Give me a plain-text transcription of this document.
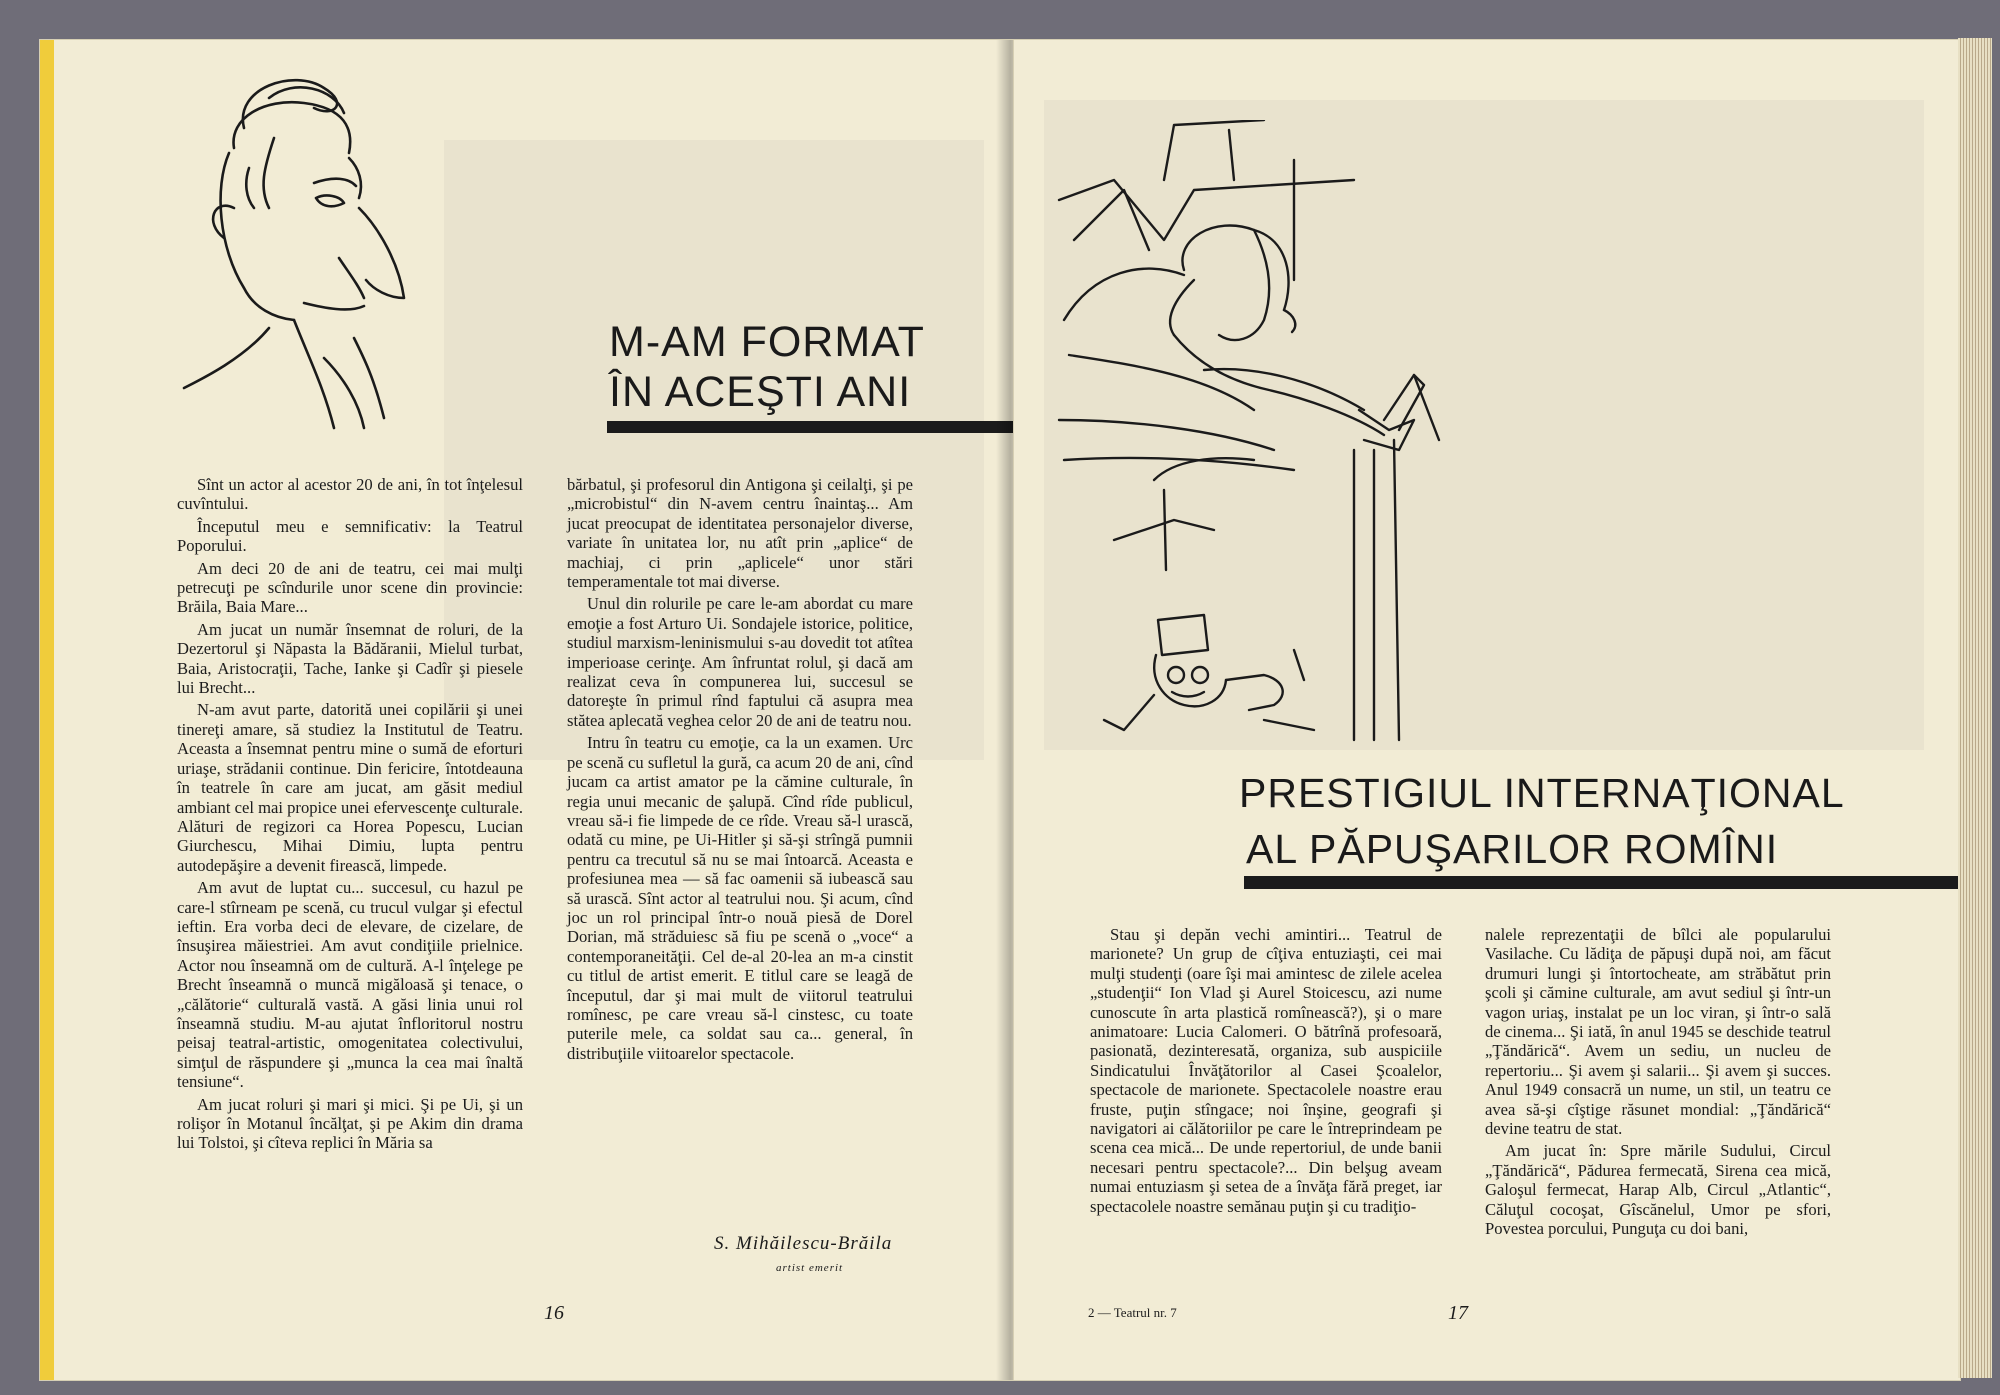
M-AM FORMAT
ÎN ACEŞTI ANI

Sînt un actor al acestor 20 de ani, în tot înţelesul cuvîntului.

Începutul meu e semnificativ: la Teatrul Poporului.

Am deci 20 de ani de teatru, cei mai mulţi petrecuţi pe scîndurile unor scene din provincie: Brăila, Baia Mare...

Am jucat un număr însemnat de roluri, de la Dezertorul şi Năpasta la Bădăranii, Mielul turbat, Baia, Aristocraţii, Tache, Ianke şi Cadîr şi piesele lui Brecht...

N-am avut parte, datorită unei copilării şi unei tinereţi amare, să studiez la Institutul de Teatru. Aceasta a însemnat pentru mine o sumă de eforturi uriaşe, strădanii continue. Din fericire, întotdeauna în teatrele în care am jucat, am găsit mediul ambiant cel mai propice unei efervescenţe culturale. Alături de regizori ca Horea Popescu, Lucian Giurchescu, Mihai Dimiu, lupta pentru autodepăşire a devenit firească, limpede.

Am avut de luptat cu... succesul, cu hazul pe care-l stîrneam pe scenă, cu trucul vulgar şi efectul ieftin. Era vorba deci de elevare, de cizelare, de însuşirea măiestriei. Am avut condiţiile prielnice. Actor nou înseamnă om de cultură. A-l înţelege pe Brecht înseamnă o muncă migăloasă şi tenace, o „călătorie“ culturală vastă. A găsi linia unui rol înseamnă studiu. M-au ajutat înfloritorul nostru peisaj teatral-artistic, omogenitatea colectivului, simţul de răspundere şi „munca la cea mai înaltă tensiune“.

Am jucat roluri şi mari şi mici. Şi pe Ui, şi un rolişor în Motanul încălţat, şi pe Akim din drama lui Tolstoi, şi cîteva replici în Măria sa

bărbatul, şi profesorul din Antigona şi ceilalţi, şi pe „microbistul“ din N-avem centru înaintaş... Am jucat preocupat de identitatea personajelor diverse, variate în unitatea lor, nu atît prin „aplice“ de machiaj, ci prin „aplicele“ unor stări temperamentale tot mai diverse.

Unul din rolurile pe care le-am abordat cu mare emoţie a fost Arturo Ui. Sondajele istorice, politice, studiul marxism-leninismului s-au dovedit tot atîtea imperioase cerinţe. Am înfruntat rolul, şi dacă am realizat ceva în compunerea lui, succesul se datoreşte în primul rînd faptului că asupra mea stătea aplecată veghea celor 20 de ani de teatru nou.

Intru în teatru cu emoţie, ca la un examen. Urc pe scenă cu sufletul la gură, ca acum 20 de ani, cînd jucam ca artist amator pe la cămine culturale, în regia unui mecanic de şalupă. Cînd rîde publicul, vreau să-i fie limpede de ce rîde. Vreau să-l urască, odată cu mine, pe Ui-Hitler şi să-şi strîngă pumnii pentru ca trecutul să nu se mai întoarcă. Aceasta e profesiunea mea — să fac oamenii să iubească sau să urască. Sînt actor al teatrului nou. Şi acum, cînd joc un rol principal într-o nouă piesă de Dorel Dorian, mă străduiesc să fiu pe scenă o „voce“ a contemporaneităţii. Cel de-al 20-lea an m-a cinstit cu titlul de artist emerit. E titlul care se leagă de începutul, dar şi mai mult de viitorul teatrului romînesc, pe care vreau să-l cinstesc, cu toate puterile mele, ca soldat sau ca... general, în distribuţiile viitoarelor spectacole.

S. Mihăilescu-Brăila
artist emerit
16
PRESTIGIUL INTERNAŢIONAL
AL PĂPUŞARILOR ROMÎNI

Stau şi depăn vechi amintiri... Teatrul de marionete? Un grup de cîţiva entuziaşti, cei mai mulţi studenţi (oare îşi mai amintesc de zilele acelea „studenţii“ Ion Vlad şi Aurel Stoicescu, azi nume cunoscute în arta plastică romînească?), şi o mare animatoare: Lucia Calomeri. O bătrînă profesoară, pasionată, dezinteresată, organiza, sub auspiciile Sindicatului Învăţătorilor al Casei Şcoalelor, spectacole de marionete. Spectacolele noastre erau fruste, puţin stîngace; noi înşine, geografi şi navigatori ai călătoriilor pe care le întreprindeam pe scena cea mică... De unde repertoriul, de unde banii necesari pentru spectacole?... Din belşug aveam numai entuziasm şi setea de a învăţa fără preget, iar spectacolele noastre semănau puţin şi cu tradiţio-

nalele reprezentaţii de bîlci ale popularului Vasilache. Cu lădiţa de păpuşi după noi, am făcut drumuri lungi şi întortocheate, am străbătut prin şcoli şi cămine culturale, am avut sediul şi într-un vagon uriaş, instalat pe un loc viran, şi într-o sală de cinema... Şi iată, în anul 1945 se deschide teatrul „Ţăndărică“. Avem un sediu, un nucleu de repertoriu... Şi avem şi salarii... Şi avem şi succes. Anul 1949 consacră un nume, un stil, un teatru ce avea să-şi cîştige răsunet mondial: „Ţăndărică“ devine teatru de stat.

Am jucat în: Spre mările Sudului, Circul „Ţăndărică“, Pădurea fermecată, Sirena cea mică, Galoşul fermecat, Harap Alb, Circul „Atlantic“, Căluţul cocoşat, Gîscănelul, Umor pe sfori, Povestea porcului, Punguţa cu doi bani,

2 — Teatrul nr. 7	17
